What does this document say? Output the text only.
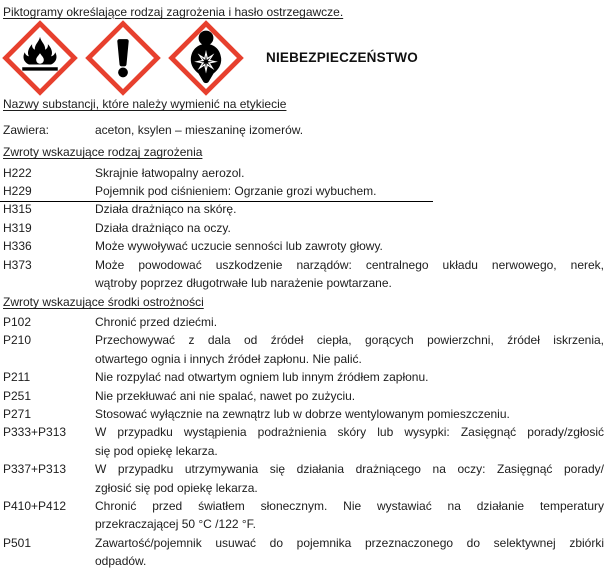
Piktogramy określające rodzaj zagrożenia i hasło ostrzegawcze.
NIEBEZPIECZEŃSTWO
Nazwy substancji, które należy wymienić na etykiecie
Zawiera:	aceton, ksylen – mieszaninę izomerów.
Zwroty wskazujące rodzaj zagrożenia
H222	Skrajnie łatwopalny aerozol.
H229	Pojemnik pod ciśnieniem: Ogrzanie grozi wybuchem.
H315	Działa drażniąco na skórę.
H319	Działa drażniąco na oczy.
H336	Może wywoływać uczucie senności lub zawroty głowy.
H373	Może powodować uszkodzenie narządów: centralnego układu nerwowego, nerek,
wątroby poprzez długotrwałe lub narażenie powtarzane.
Zwroty wskazujące środki ostrożności
P102	Chronić przed dziećmi.
P210	Przechowywać z dala od źródeł ciepła, gorących powierzchni, źródeł iskrzenia,
otwartego ognia i innych źródeł zapłonu. Nie palić.
P211	Nie rozpylać nad otwartym ogniem lub innym źródłem zapłonu.
P251	Nie przekłuwać ani nie spalać, nawet po zużyciu.
P271	Stosować wyłącznie na zewnątrz lub w dobrze wentylowanym pomieszczeniu.
P333+P313	W przypadku wystąpienia podrażnienia skóry lub wysypki: Zasięgnąć porady/zgłosić
się pod opiekę lekarza.
P337+P313	W przypadku utrzymywania się działania drażniącego na oczy: Zasięgnąć porady/
zgłosić się pod opiekę lekarza.
P410+P412	Chronić przed światłem słonecznym. Nie wystawiać na działanie temperatury
przekraczającej 50 °C /122 °F.
P501	Zawartość/pojemnik usuwać do pojemnika przeznaczonego do selektywnej zbiórki
odpadów.
